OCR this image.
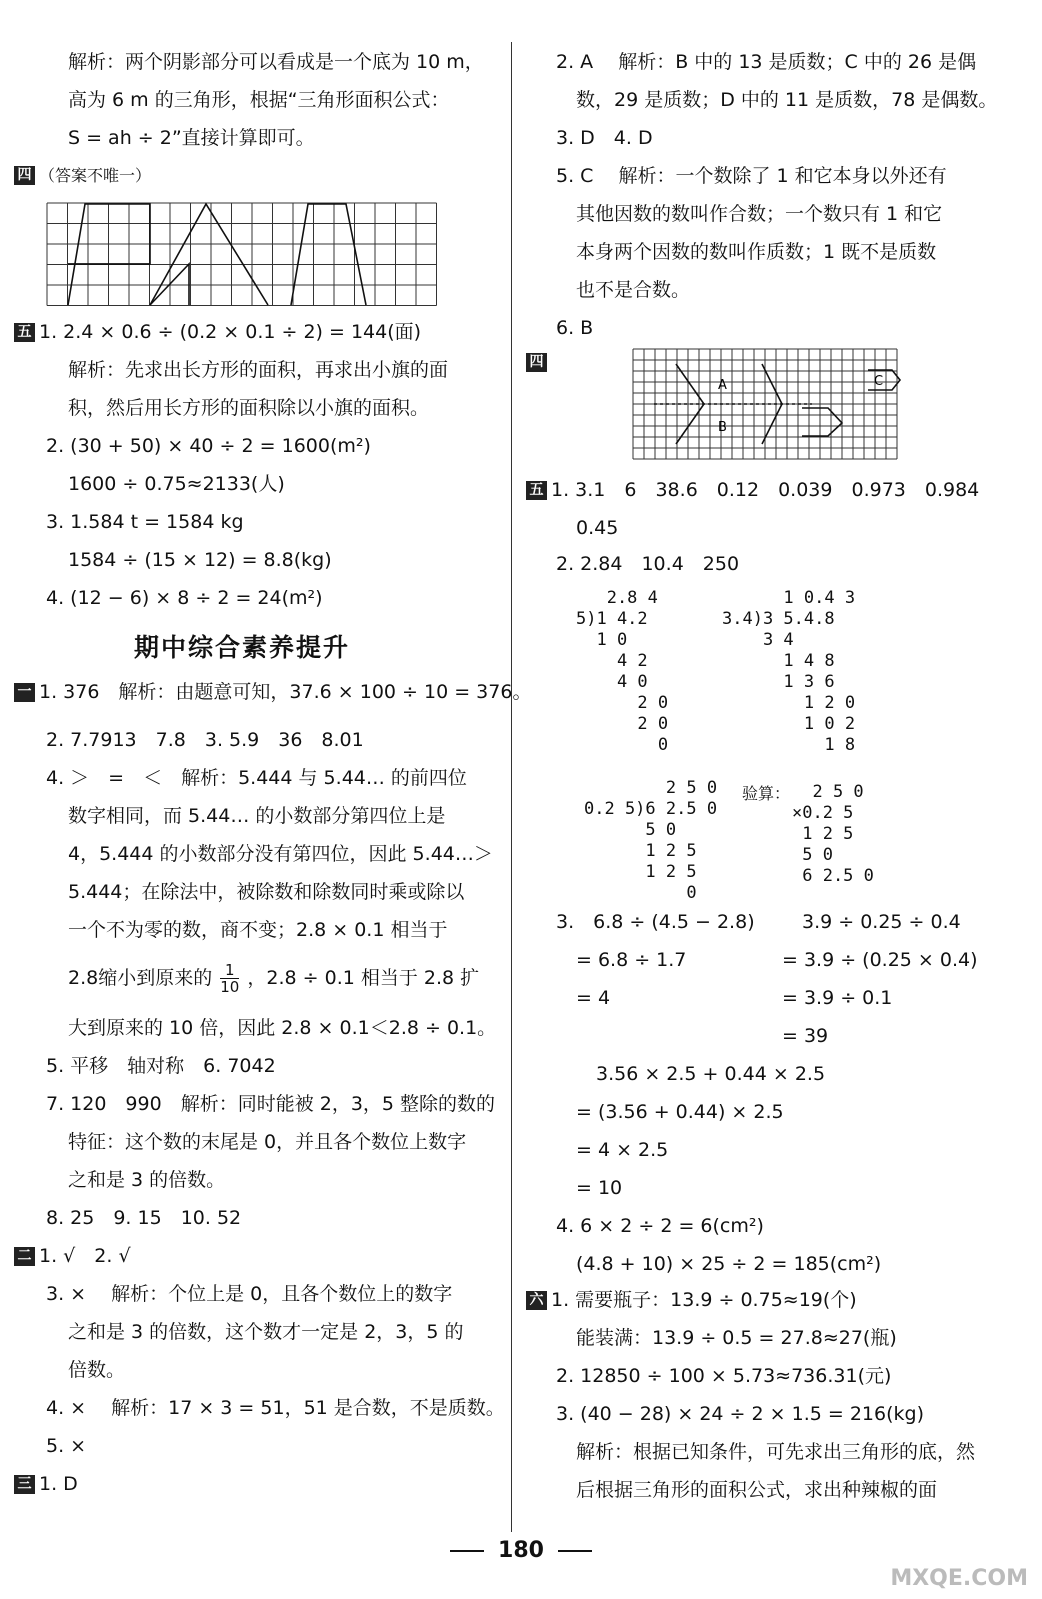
解析：两个阴影部分可以看成是一个底为 10 m，
高为 6 m 的三角形，根据“三角形面积公式：
S = ah ÷ 2”直接计算即可。
四 （答案不唯一）
五 1. 2.4 × 0.6 ÷ (0.2 × 0.1 ÷ 2) = 144(面)
解析：先求出长方形的面积，再求出小旗的面
积，然后用长方形的面积除以小旗的面积。
2. (30 + 50) × 40 ÷ 2 = 1600(m²)
1600 ÷ 0.75≈2133(人)
3. 1.584 t = 1584 kg
1584 ÷ (15 × 12) = 8.8(kg)
4. (12 − 6) × 8 ÷ 2 = 24(m²)
期中综合素养提升
一 1. 376　解析：由题意可知，37.6 × 100 ÷ 10 = 376。
2. 7.7913　7.8　3. 5.9　36　8.01
4. ＞　=　＜　解析：5.444 与 5.44… 的前四位
数字相同，而 5.44… 的小数部分第四位上是
4，5.444 的小数部分没有第四位，因此 5.44…＞
5.444；在除法中，被除数和除数同时乘或除以
一个不为零的数，商不变；2.8 × 0.1 相当于
2.8缩小到原来的 $\frac{1}{10}$ ，2.8 ÷ 0.1 相当于 2.8 扩
大到原来的 10 倍，因此 2.8 × 0.1＜2.8 ÷ 0.1。
5. 平移　轴对称　6. 7042
7. 120　990　解析：同时能被 2，3，5 整除的数的
特征：这个数的末尾是 0，并且各个数位上数字
之和是 3 的倍数。
8. 25　9. 15　10. 52
二 1. √　2. √
3. ×　 解析：个位上是 0，且各个数位上的数字
之和是 3 的倍数，这个数才一定是 2，3，5 的
倍数。
4. ×　 解析：17 × 3 = 51，51 是合数，不是质数。
5. ×
三 1. D
2. A　 解析：B 中的 13 是质数；C 中的 26 是偶
数，29 是质数；D 中的 11 是质数，78 是偶数。
3. D　4. D
5. C　 解析：一个数除了 1 和它本身以外还有
其他因数的数叫作合数；一个数只有 1 和它
本身两个因数的数叫作质数；1 既不是质数
也不是合数。
6. B
四
A
B
C
五 1. 3.1　6　38.6　0.12　0.039　0.973　0.984
0.45
2. 2.84　10.4　250
2.8 4
5)1 4.2
1 0
4 2
4 0
2 0
2 0
0
1 0.4 3
3.4)3 5.4.8
3 4
1 4 8
1 3 6
1 2 0
1 0 2
1 8
2 5 0
0.2 5)6 2.5 0
5 0
1 2 5
1 2 5
0
验算：	2 5 0
×0.2 5
1 2 5
5 0
6 2.5 0
3.　6.8 ÷ (4.5 − 2.8)
= 6.8 ÷ 1.7
= 4
3.9 ÷ 0.25 ÷ 0.4
= 3.9 ÷ (0.25 × 0.4)
= 3.9 ÷ 0.1
= 39
3.56 × 2.5 + 0.44 × 2.5
= (3.56 + 0.44) × 2.5
= 4 × 2.5
= 10
4. 6 × 2 ÷ 2 = 6(cm²)
(4.8 + 10) × 25 ÷ 2 = 185(cm²)
六 1. 需要瓶子：13.9 ÷ 0.75≈19(个)
能装满：13.9 ÷ 0.5 = 27.8≈27(瓶)
2. 12850 ÷ 100 × 5.73≈736.31(元)
3. (40 − 28) × 24 ÷ 2 × 1.5 = 216(kg)
解析：根据已知条件，可先求出三角形的底，然
后根据三角形的面积公式，求出种辣椒的面
180
MXQE.COM
